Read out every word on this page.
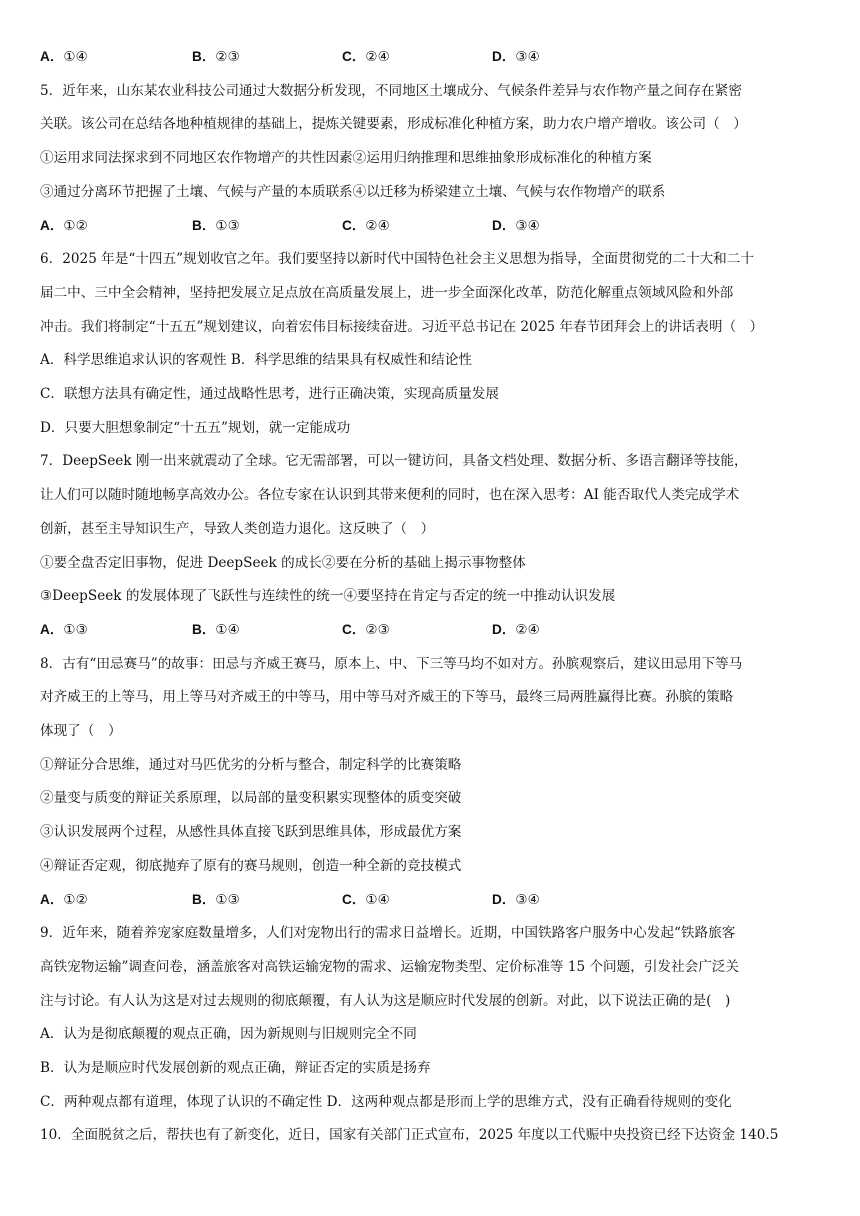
A．①④	B．②③	C．②④	D．③④
5．近年来，山东某农业科技公司通过大数据分析发现，不同地区土壤成分、气候条件差异与农作物产量之间存在紧密
关联。该公司在总结各地种植规律的基础上，提炼关键要素，形成标准化种植方案，助力农户增产增收。该公司（　）
①运用求同法探求到不同地区农作物增产的共性因素②运用归纳推理和思维抽象形成标准化的种植方案
③通过分离环节把握了土壤、气候与产量的本质联系④以迁移为桥梁建立土壤、气候与农作物增产的联系
A．①②	B．①③	C．②④	D．③④
6．2025 年是“十四五”规划收官之年。我们要坚持以新时代中国特色社会主义思想为指导，全面贯彻党的二十大和二十
届二中、三中全会精神，坚持把发展立足点放在高质量发展上，进一步全面深化改革，防范化解重点领域风险和外部
冲击。我们将制定“十五五”规划建议，向着宏伟目标接续奋进。习近平总书记在 2025 年春节团拜会上的讲话表明（　）
A．科学思维追求认识的客观性 B．科学思维的结果具有权威性和结论性
C．联想方法具有确定性，通过战略性思考，进行正确决策，实现高质量发展
D．只要大胆想象制定“十五五”规划，就一定能成功
7．DeepSeek 刚一出来就震动了全球。它无需部署，可以一键访问，具备文档处理、数据分析、多语言翻译等技能，
让人们可以随时随地畅享高效办公。各位专家在认识到其带来便利的同时，也在深入思考：AI 能否取代人类完成学术
创新，甚至主导知识生产，导致人类创造力退化。这反映了（　）
①要全盘否定旧事物，促进 DeepSeek 的成长②要在分析的基础上揭示事物整体
③DeepSeek 的发展体现了飞跃性与连续性的统一④要坚持在肯定与否定的统一中推动认识发展
A．①③	B．①④	C．②③	D．②④
8．古有“田忌赛马”的故事：田忌与齐威王赛马，原本上、中、下三等马均不如对方。孙膑观察后，建议田忌用下等马
对齐威王的上等马，用上等马对齐威王的中等马，用中等马对齐威王的下等马，最终三局两胜赢得比赛。孙膑的策略
体现了（　）
①辩证分合思维，通过对马匹优劣的分析与整合，制定科学的比赛策略
②量变与质变的辩证关系原理，以局部的量变积累实现整体的质变突破
③认识发展两个过程，从感性具体直接飞跃到思维具体，形成最优方案
④辩证否定观，彻底抛弃了原有的赛马规则，创造一种全新的竞技模式
A．①②	B．①③	C．①④	D．③④
9．近年来，随着养宠家庭数量增多，人们对宠物出行的需求日益增长。近期，中国铁路客户服务中心发起“铁路旅客
高铁宠物运输”调查问卷，涵盖旅客对高铁运输宠物的需求、运输宠物类型、定价标准等 15 个问题，引发社会广泛关
注与讨论。有人认为这是对过去规则的彻底颠覆，有人认为这是顺应时代发展的创新。对此，以下说法正确的是(　)
A．认为是彻底颠覆的观点正确，因为新规则与旧规则完全不同
B．认为是顺应时代发展创新的观点正确，辩证否定的实质是扬弃
C．两种观点都有道理，体现了认识的不确定性 D．这两种观点都是形而上学的思维方式，没有正确看待规则的变化
10．全面脱贫之后，帮扶也有了新变化，近日，国家有关部门正式宣布，2025 年度以工代赈中央投资已经下达资金 140.5
